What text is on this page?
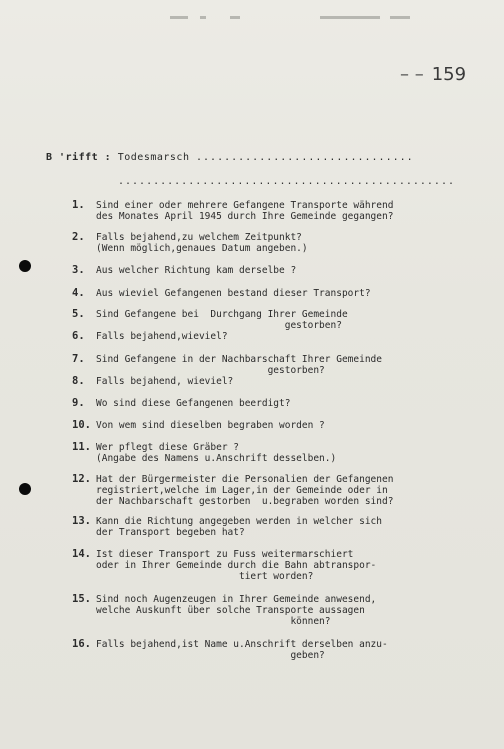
– – 159
B 'rifft : Todesmarsch ...............................
................................................
1.	Sind einer oder mehrere Gefangene Transporte während
des Monates April 1945 durch Ihre Gemeinde gegangen?
2.	Falls bejahend,zu welchem Zeitpunkt?
(Wenn möglich,genaues Datum angeben.)
3.	Aus welcher Richtung kam derselbe ?
4.	Aus wieviel Gefangenen bestand dieser Transport?
5.	Sind Gefangene bei  Durchgang Ihrer Gemeinde
gestorben?
6.	Falls bejahend,wieviel?
7.	Sind Gefangene in der Nachbarschaft Ihrer Gemeinde
gestorben?
8.	Falls bejahend, wieviel?
9.	Wo sind diese Gefangenen beerdigt?
10. Von wem sind dieselben begraben worden ?
11. Wer pflegt diese Gräber ?
(Angabe des Namens u.Anschrift desselben.)
12. Hat der Bürgermeister die Personalien der Gefangenen
registriert,welche im Lager,in der Gemeinde oder in
der Nachbarschaft gestorben  u.begraben worden sind?
13. Kann die Richtung angegeben werden in welcher sich
der Transport begeben hat?
14. Ist dieser Transport zu Fuss weitermarschiert
oder in Ihrer Gemeinde durch die Bahn abtranspor-
tiert worden?
15. Sind noch Augenzeugen in Ihrer Gemeinde anwesend,
welche Auskunft über solche Transporte aussagen
können?
16. Falls bejahend,ist Name u.Anschrift derselben anzu-
geben?
